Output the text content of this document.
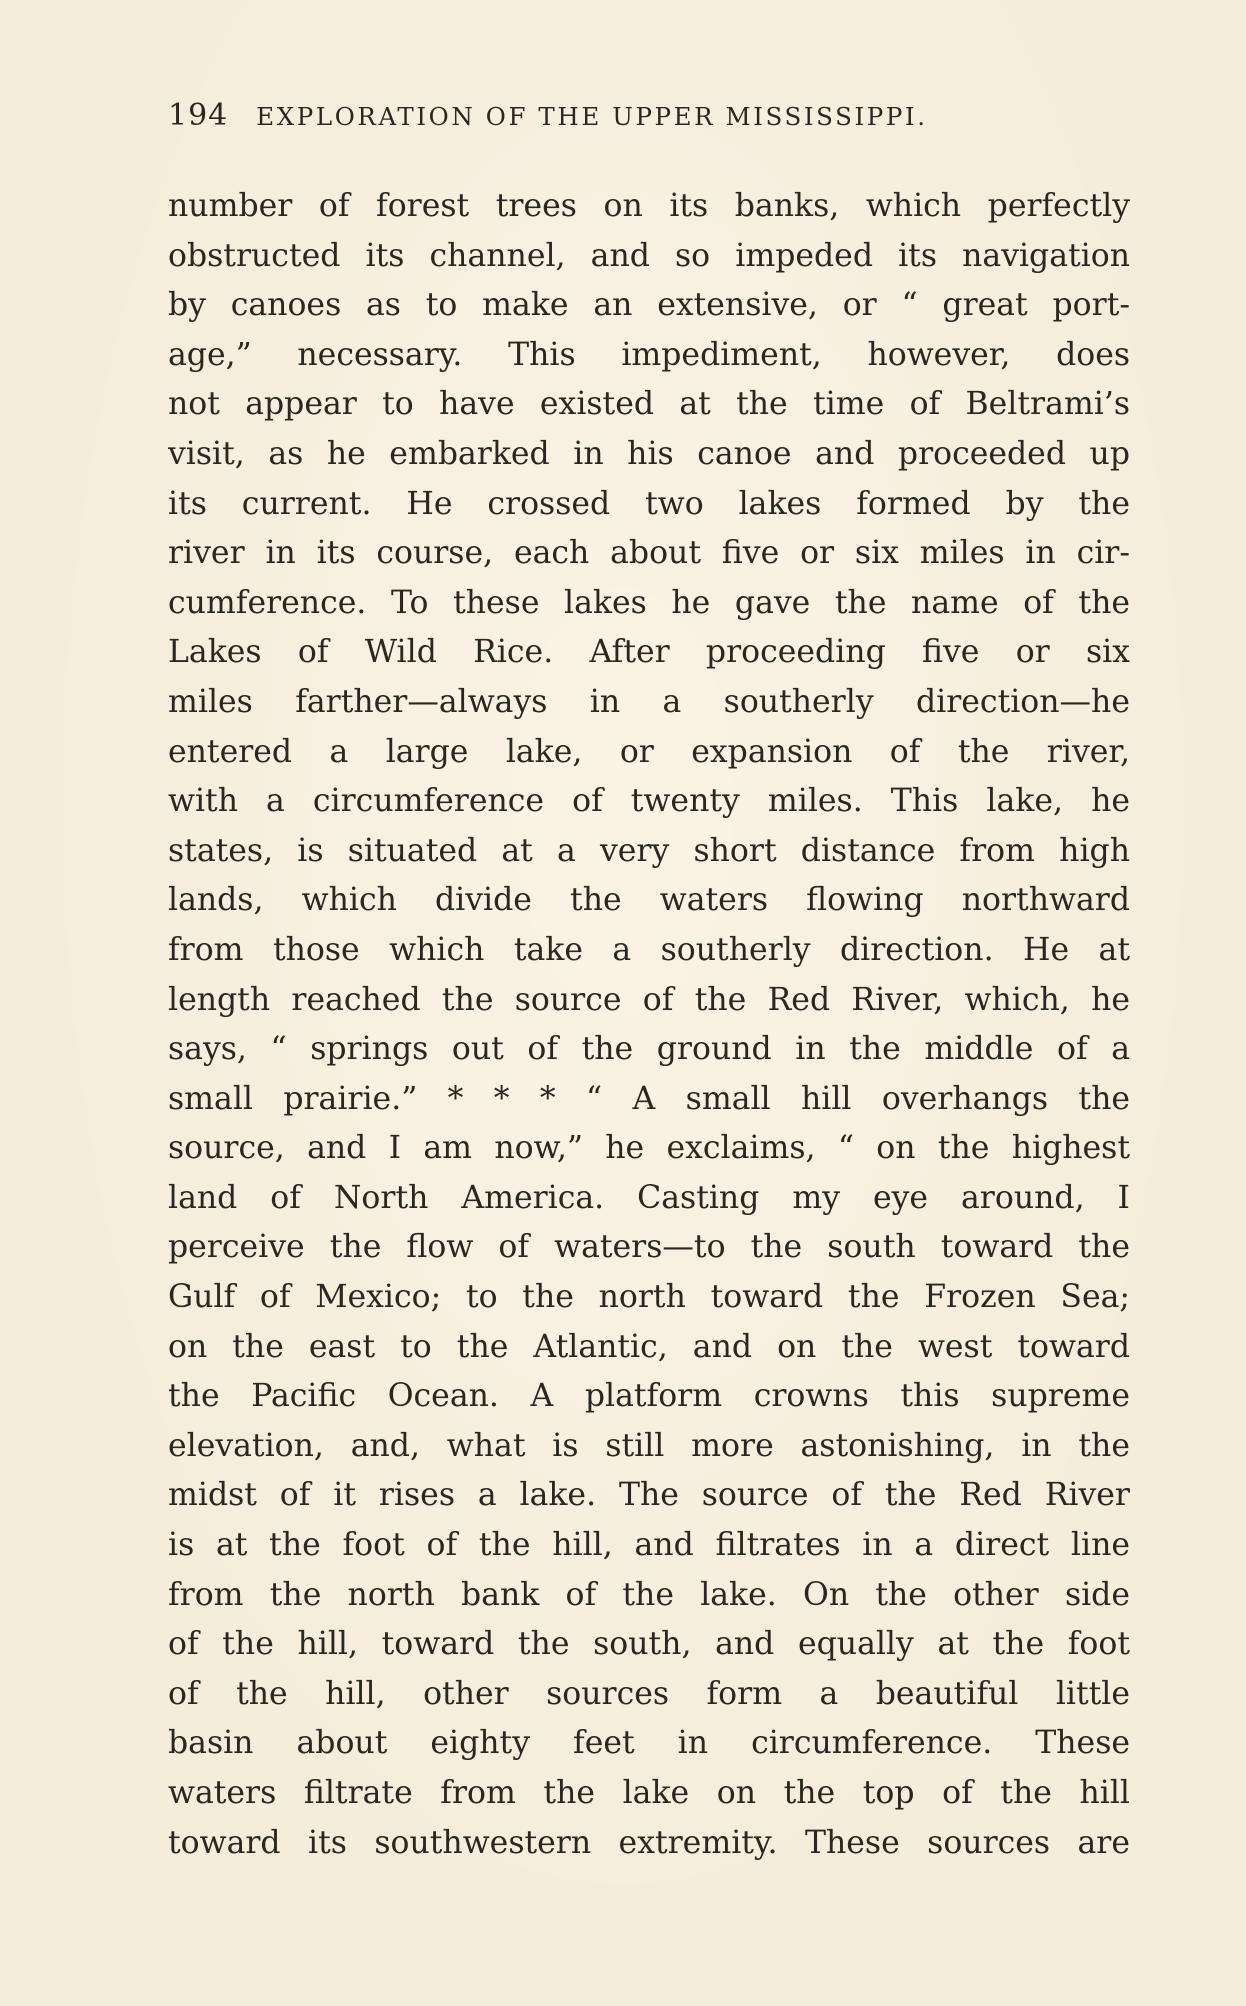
194 EXPLORATION OF THE UPPER MISSISSIPPI.
number of forest trees on its banks, which perfectly
obstructed its channel, and so impeded its navigation
by canoes as to make an extensive, or “ great port-
age,” necessary. This impediment, however, does
not appear to have existed at the time of Beltrami’s
visit, as he embarked in his canoe and proceeded up
its current. He crossed two lakes formed by the
river in its course, each about five or six miles in cir-
cumference. To these lakes he gave the name of the
Lakes of Wild Rice. After proceeding five or six
miles farther—always in a southerly direction—he
entered a large lake, or expansion of the river,
with a circumference of twenty miles. This lake, he
states, is situated at a very short distance from high
lands, which divide the waters flowing northward
from those which take a southerly direction. He at
length reached the source of the Red River, which, he
says, “ springs out of the ground in the middle of a
small prairie.” * * * “ A small hill overhangs the
source, and I am now,” he exclaims, “ on the highest
land of North America. Casting my eye around, I
perceive the flow of waters—to the south toward the
Gulf of Mexico; to the north toward the Frozen Sea;
on the east to the Atlantic, and on the west toward
the Pacific Ocean. A platform crowns this supreme
elevation, and, what is still more astonishing, in the
midst of it rises a lake. The source of the Red River
is at the foot of the hill, and filtrates in a direct line
from the north bank of the lake. On the other side
of the hill, toward the south, and equally at the foot
of the hill, other sources form a beautiful little
basin about eighty feet in circumference. These
waters filtrate from the lake on the top of the hill
toward its southwestern extremity. These sources are
